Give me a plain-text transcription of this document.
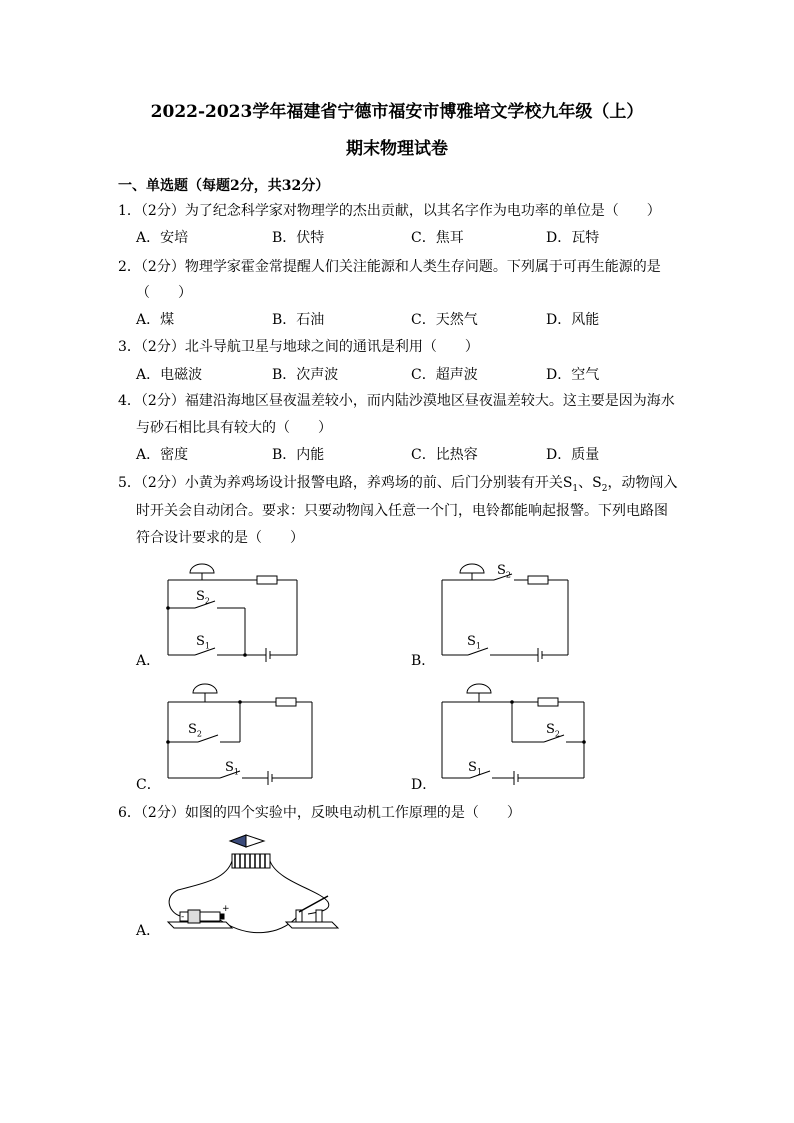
2022-2023学年福建省宁德市福安市博雅培文学校九年级（上）
期末物理试卷
一、单选题（每题2分，共32分）
1．（2分）为了纪念科学家对物理学的杰出贡献，以其名字作为电功率的单位是（　　）
A．安培	B．伏特	C．焦耳	D．瓦特
2．（2分）物理学家霍金常提醒人们关注能源和人类生存问题。下列属于可再生能源的是
（　　）
A．煤	B．石油	C．天然气	D．风能
3．（2分）北斗导航卫星与地球之间的通讯是利用（　　）
A．电磁波	B．次声波	C．超声波	D．空气
4．（2分）福建沿海地区昼夜温差较小，而内陆沙漠地区昼夜温差较大。这主要是因为海水
与砂石相比具有较大的（　　）
A．密度	B．内能	C．比热容	D．质量
5．（2分）小黄为养鸡场设计报警电路，养鸡场的前、后门分别装有开关$S_1$、$S_2$，动物闯入
时开关会自动闭合。要求：只要动物闯入任意一个门，电铃都能响起报警。下列电路图
符合设计要求的是（　　）
A．
$S_2$
$S_1$
B．
$S_2$
$S_1$
C．
$S_2$
$S_1$
D．
$S_2$
$S_1$
6．（2分）如图的四个实验中，反映电动机工作原理的是（　　）
A．
-
+
